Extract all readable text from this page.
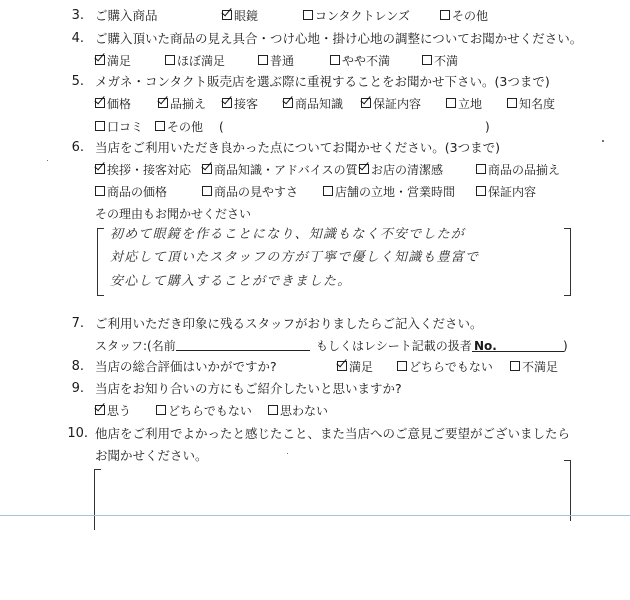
3. ご購入商品	眼鏡	コンタクトレンズ	その他
4. ご購入頂いた商品の見え具合・つけ心地・掛け心地の調整についてお聞かせください。
満足	ほぼ満足	普通	やや不満	不満
5. メガネ・コンタクト販売店を選ぶ際に重視することをお聞かせ下さい。(3つまで)
価格	品揃え	接客	商品知識	保証内容	立地	知名度
口コミ	その他 (	)
6. 当店をご利用いただき良かった点についてお聞かせください。(3つまで)
挨拶・接客対応	商品知識・アドバイスの質	お店の清潔感	商品の品揃え
商品の価格	商品の見やすさ	店舗の立地・営業時間	保証内容
その理由もお聞かせください
初めて眼鏡を作ることになり、知識もなく不安でしたが
対応して頂いたスタッフの方が丁寧で優しく知識も豊富で
安心して購入することができました。
7. ご利用いただき印象に残るスタッフがおりましたらご記入ください。
スタッフ:(名前	もしくはレシート記載の扱者 No.	)
8. 当店の総合評価はいかがですか?	満足	どちらでもない	不満足
9. 当店をお知り合いの方にもご紹介したいと思いますか?
思う	どちらでもない	思わない
10. 他店をご利用でよかったと感じたこと、また当店へのご意見ご要望がございましたら
お聞かせください。
